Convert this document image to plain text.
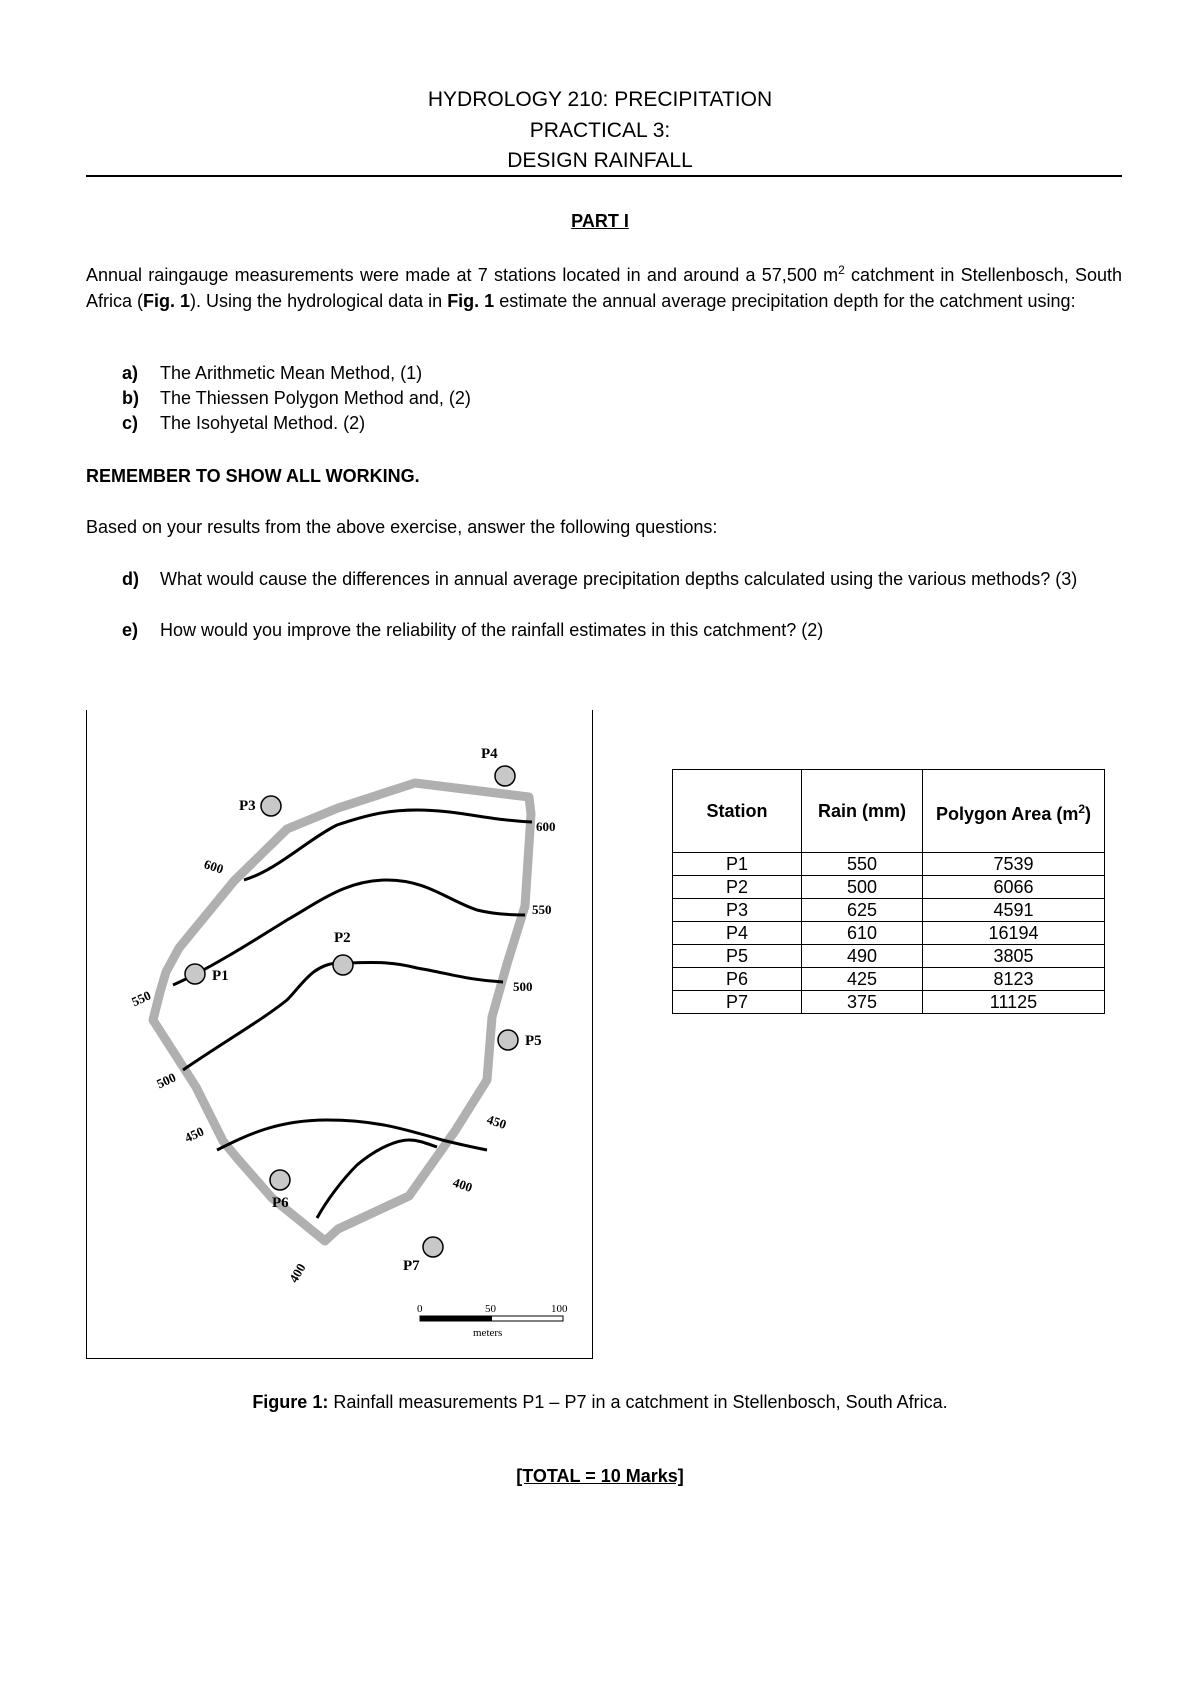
HYDROLOGY 210: PRECIPITATION
PRACTICAL 3:
DESIGN RAINFALL
PART I
Annual raingauge measurements were made at 7 stations located in and around a 57,500 $m^2$ catchment in Stellenbosch, South Africa (Fig. 1). Using the hydrological data in Fig. 1 estimate the annual average precipitation depth for the catchment using:
a) The Arithmetic Mean Method, (1)
b) The Thiessen Polygon Method and, (2)
c) The Isohyetal Method. (2)
REMEMBER TO SHOW ALL WORKING.
Based on your results from the above exercise, answer the following questions:
d)	What would cause the differences in annual average precipitation depths calculated using the various methods? (3)
e)	How would you improve the reliability of the rainfall estimates in this catchment? (2)
600
600
550
550
500
500
450
450
400
400
P1
P2
P3
P4
P5
P6
P7
0	50	100
meters
Station	Rain (mm)	Polygon Area $(m^2)$
P1	550	7539
P2	500	6066
P3	625	4591
P4	610	16194
P5	490	3805
P6	425	8123
P7	375	11125
Figure 1: Rainfall measurements P1 – P7 in a catchment in Stellenbosch, South Africa.
[TOTAL = 10 Marks]
